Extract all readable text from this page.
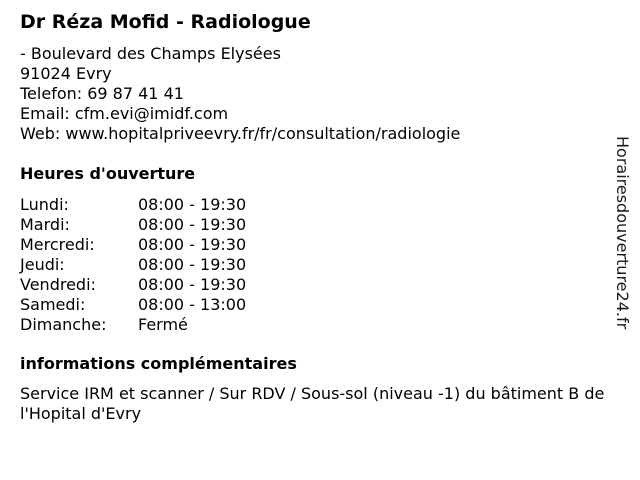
Dr Réza Mofid - Radiologue
- Boulevard des Champs Elysées
91024 Evry
Telefon: 69 87 41 41
Email: cfm.evi@imidf.com
Web: www.hopitalpriveevry.fr/fr/consultation/radiologie
Heures d'ouverture
Lundi:	08:00 - 19:30
Mardi:	08:00 - 19:30
Mercredi:	08:00 - 19:30
Jeudi:	08:00 - 19:30
Vendredi:	08:00 - 19:30
Samedi:	08:00 - 13:00
Dimanche: Fermé
informations complémentaires
Service IRM et scanner / Sur RDV / Sous-sol (niveau -1) du bâtiment B de l'Hopital d'Evry
Horairesdouverture24.fr
